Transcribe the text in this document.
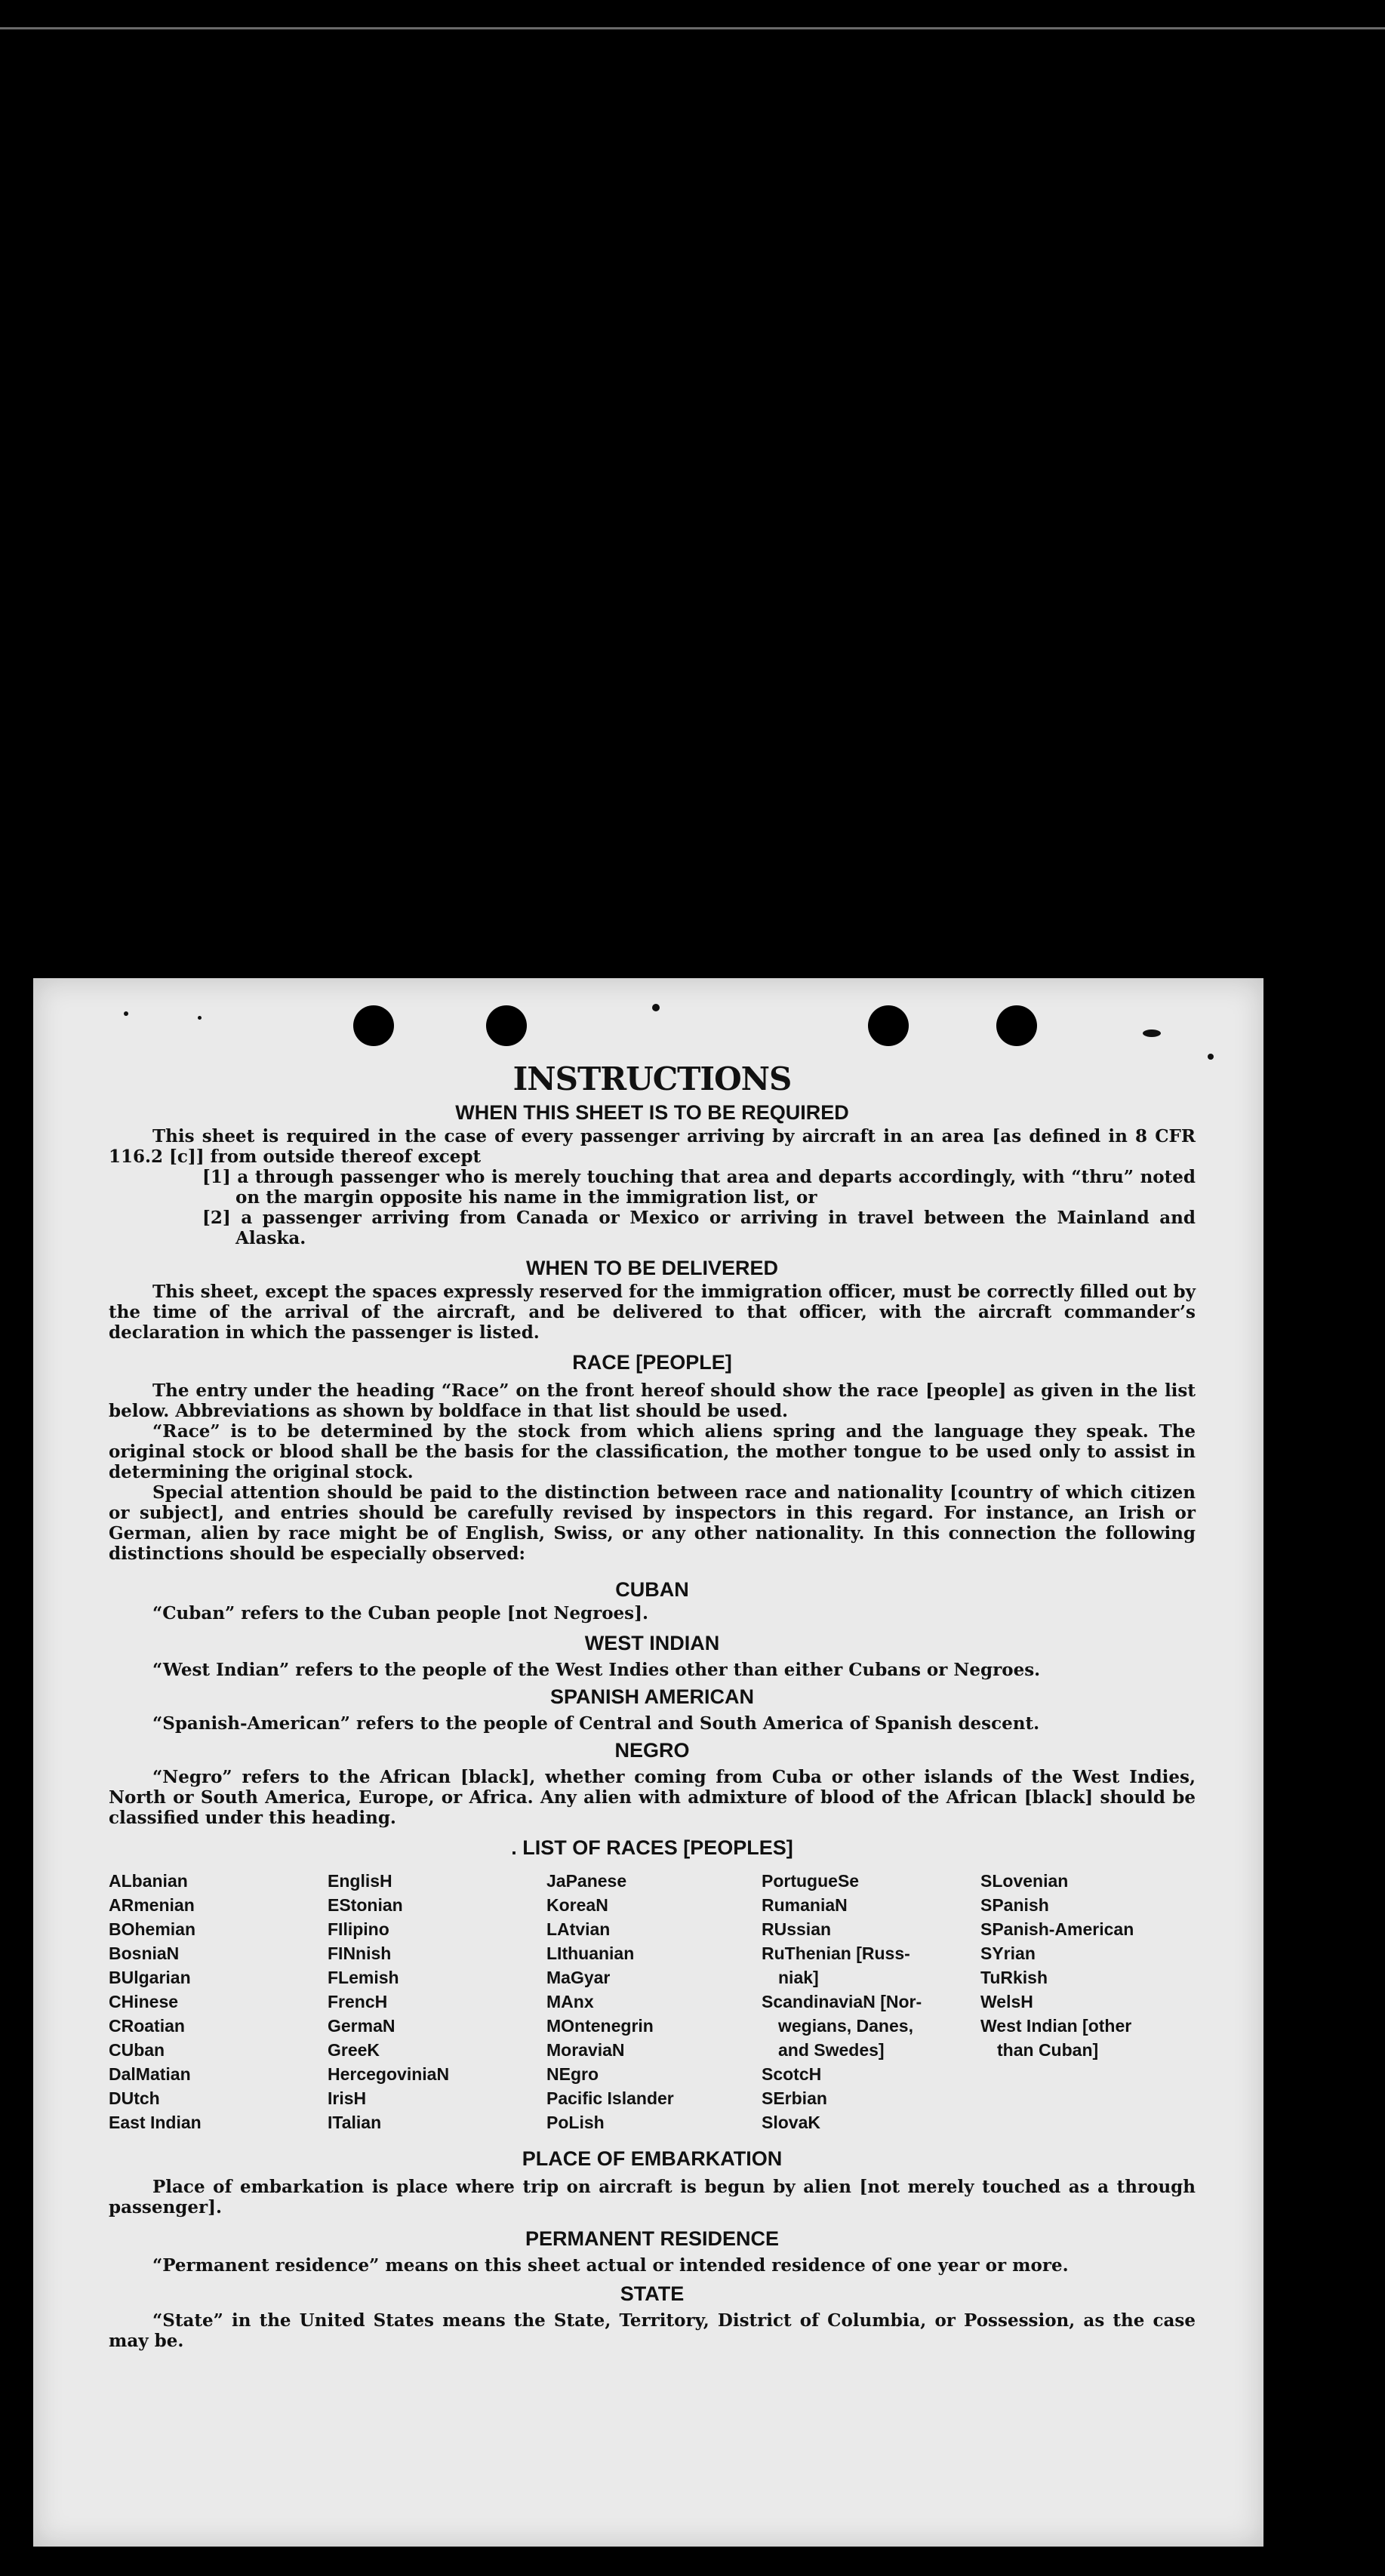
INSTRUCTIONS
WHEN THIS SHEET IS TO BE REQUIRED

This sheet is required in the case of every passenger arriving by aircraft in an area [as defined in 8 CFR 116.2 [c]] from outside thereof except

[1] a through passenger who is merely touching that area and departs accordingly, with “thru” noted on the margin opposite his name in the immigration list, or

[2] a passenger arriving from Canada or Mexico or arriving in travel between the Mainland and Alaska.

WHEN TO BE DELIVERED

This sheet, except the spaces expressly reserved for the immigration officer, must be correctly filled out by the time of the arrival of the aircraft, and be delivered to that officer, with the aircraft commander’s declaration in which the passenger is listed.

RACE [PEOPLE]

The entry under the heading “Race” on the front hereof should show the race [people] as given in the list below. Abbreviations as shown by boldface in that list should be used.

“Race” is to be determined by the stock from which aliens spring and the language they speak. The original stock or blood shall be the basis for the classification, the mother tongue to be used only to assist in determining the original stock.

Special attention should be paid to the distinction between race and nationality [country of which citizen or subject], and entries should be carefully revised by inspectors in this regard. For instance, an Irish or German, alien by race might be of English, Swiss, or any other nationality. In this connection the following distinctions should be especially observed:

CUBAN

“Cuban” refers to the Cuban people [not Negroes].

WEST INDIAN

“West Indian” refers to the people of the West Indies other than either Cubans or Negroes.

SPANISH AMERICAN

“Spanish-American” refers to the people of Central and South America of Spanish descent.

NEGRO

“Negro” refers to the African [black], whether coming from Cuba or other islands of the West Indies, North or South America, Europe, or Africa. Any alien with admixture of blood of the African [black] should be classified under this heading.

. LIST OF RACES [PEOPLES]
ALbanian
ARmenian
BOhemian
BosniaN
BUlgarian
CHinese
CRoatian
CUban
DalMatian
DUtch
East Indian
EnglisH
EStonian
FIlipino
FINnish
FLemish
FrencH
GermaN
GreeK
HercegoviniaN
IrisH
ITalian
JaPanese
KoreaN
LAtvian
LIthuanian
MaGyar
MAnx
MOntenegrin
MoraviaN
NEgro
Pacific Islander
PoLish
PortugueSe
RumaniaN
RUssian
RuThenian [Russ-
niak]
ScandinaviaN [Nor-
wegians, Danes,
and Swedes]
ScotcH
SErbian
SlovaK
SLovenian
SPanish
SPanish-American
SYrian
TuRkish
WelsH
West Indian [other
than Cuban]
PLACE OF EMBARKATION

Place of embarkation is place where trip on aircraft is begun by alien [not merely touched as a through passenger].

PERMANENT RESIDENCE

“Permanent residence” means on this sheet actual or intended residence of one year or more.

STATE

“State” in the United States means the State, Territory, District of Columbia, or Possession, as the case may be.
